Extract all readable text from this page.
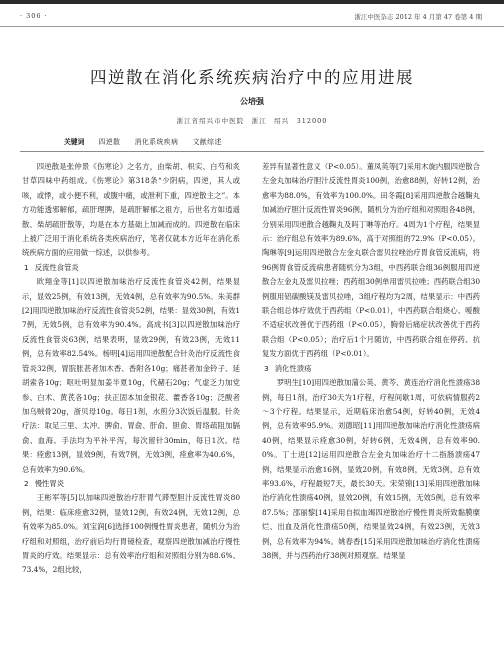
· 306 ·	浙江中医杂志 2012 年 4 月第 47 卷第 4 期
四逆散在消化系统疾病治疗中的应用进展
公培强
浙江省绍兴市中医院　浙江　绍兴　312000
关键词 四逆散 消化系统疾病 文献综述

四逆散是张仲景《伤寒论》之名方，由柴胡、枳实、白芍和炙甘草四味中药组成。《伤寒论》第318条“少阴病，四逆，其人或咳，或悸，或小便不利，或腹中痛，或泄利下重，四逆散主之”。本方功能透邪解郁，疏肝理脾，是疏肝解郁之祖方，后世名方如逍遥散、柴胡疏肝散等，均是在本方基础上加减而成的。四逆散在临床上被广泛用于消化系统各类疾病治疗，笔者仅就本方近年在消化系统疾病方面的应用做一综述，以供参考。

1 反流性食管炎

欧翔金等[1]以四逆散加味治疗反流性食管炎42例，结果显示，显效25例，有效13例，无效4例，总有效率为90.5%。朱美群[2]用四逆散加味治疗反流性食管炎52例，结果：显效30例，有效17例，无效5例，总有效率为90.4%。高成书[3]以四逆散加味治疗反流性食管炎63例，结果表明，显效29例，有效23例，无效11例，总有效率82.54%。杨明[4]运用四逆散配合针灸治疗反流性食管炎32例，胃脘胀甚者加木香、香附各10g；痛甚者加金铃子、延胡索各10g；呕吐明显加姜半夏10g，代赭石20g；气虚乏力加党参、白术、黄芪各10g；扶正固本加金银花、藿香各10g；泛酸者加乌贼骨20g，浙贝母10g。每日1剂，水煎分3次饭后温服。针灸疗法：取足三里、太冲、脾俞、胃俞、肝俞、胆俞、胃络疏阻加膈俞、血海。手法均为平补平泻，每次留针30min，每日1次。结果：痊愈13例，显效9例，有效7例，无效3例，痊愈率为40.6%，总有效率为90.6%。

2 慢性胃炎

王彬军等[5]以加味四逆散治疗肝胃气滞型胆汁反流性胃炎80例，结果：临床痊愈32例，显效12例，有效24例，无效12例，总有效率为85.0%。刘宝润[6]选择100例慢性胃炎患者，随机分为治疗组和对照组，治疗前后均行胃镜检查，观察四逆散加减治疗慢性胃炎的疗效。结果显示：总有效率治疗组和对照组分别为88.6%、73.4%，2组比较，

差异有显著性意义（P<0.05）。董凤英等[7]采用木旋内服四逆散合左金丸加味治疗胆汁反流性胃炎100例，治愈88例，好转12例，治愈率为88.0%，有效率为100.0%。田冬霞[8]采用四逆散合越鞠丸加减治疗胆汁反流性胃炎96例，随机分为治疗组和对照组各48例，分别采用四逆散合越鞠丸及吗丁啉等治疗。4周为1个疗程，结果显示：治疗组总有效率为89.6%，高于对照组的72.9%（P<0.05）。陶琳等[9]运用四逆散合左金丸联合雷贝拉唑治疗胃食管反流病，将96例胃食管反流病患者随机分为3组，中西药联合组36例服用四逆散合左金丸及雷贝拉唑；西药组30例单用雷贝拉唑；西药联合组30例服用铝碳酸镁及雷贝拉唑，3组疗程均为2周，结果显示：中西药联合组总体疗效优于西药组（P<0.01），中西药联合组烧心、嗳酸不适症状改善优于西药组（P<0.05），胸骨后痛症状改善优于西药联合组（P<0.05）；治疗后1个月随访，中西药联合组在停药、抗复发方面优于西药组（P<0.01）。

3 消化性溃疡

罗明生[10]用四逆散加蒲公英、黄芩、黄连治疗消化性溃疡38例，每日1剂，治疗30天为1疗程，疗程间歇1周，可依病情服药2～3个疗程。结果显示，近期临床治愈54例，好转40例，无效4例，总有效率95.9%。刘德昭[11]用四逆散加味治疗消化性溃疡病40例，结果显示痊愈30例，好转6例，无效4例，总有效率90.0%。丁士进[12]运用四逆散合左金丸加味治疗十二指肠溃疡47例，结果显示治愈16例，显效20例，有效8例，无效3例，总有效率93.6%，疗程最短7天，最长30天。宋荣锦[13]采用四逆散加味治疗消化性溃疡40例，显效20例，有效15例，无效5例，总有效率87.5%；邵丽黎[14]采用自拟血竭四逆散治疗慢性胃炎所致黏膜糜烂、出血及消化性溃疡50例，结果显效24例，有效23例，无效3例，总有效率为94%。姚春香[15]采用四逆散加味治疗消化性溃疡38例，并与西药治疗38例对照观察。结果显
